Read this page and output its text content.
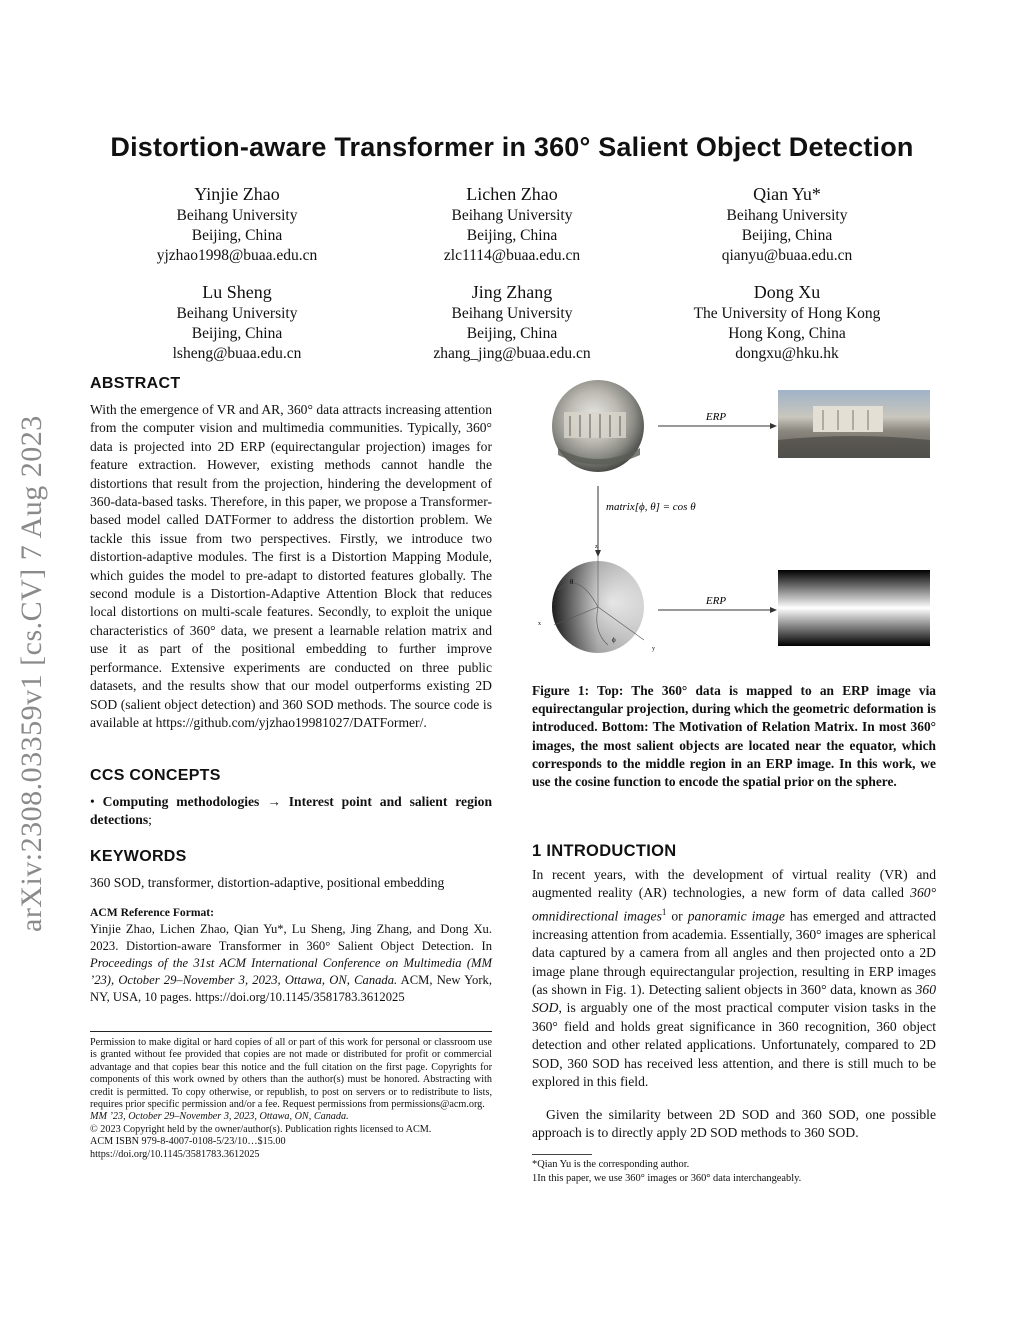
arXiv:2308.03359v1 [cs.CV] 7 Aug 2023
Distortion-aware Transformer in 360° Salient Object Detection
Yinjie Zhao
Beihang University
Beijing, China
yjzhao1998@buaa.edu.cn
Lichen Zhao
Beihang University
Beijing, China
zlc1114@buaa.edu.cn
Qian Yu*
Beihang University
Beijing, China
qianyu@buaa.edu.cn
Lu Sheng
Beihang University
Beijing, China
lsheng@buaa.edu.cn
Jing Zhang
Beihang University
Beijing, China
zhang_jing@buaa.edu.cn
Dong Xu
The University of Hong Kong
Hong Kong, China
dongxu@hku.hk
ABSTRACT
With the emergence of VR and AR, 360° data attracts increasing attention from the computer vision and multimedia communities. Typically, 360° data is projected into 2D ERP (equirectangular projection) images for feature extraction. However, existing methods cannot handle the distortions that result from the projection, hindering the development of 360-data-based tasks. Therefore, in this paper, we propose a Transformer-based model called DATFormer to address the distortion problem. We tackle this issue from two perspectives. Firstly, we introduce two distortion-adaptive modules. The first is a Distortion Mapping Module, which guides the model to pre-adapt to distorted features globally. The second module is a Distortion-Adaptive Attention Block that reduces local distortions on multi-scale features. Secondly, to exploit the unique characteristics of 360° data, we present a learnable relation matrix and use it as part of the positional embedding to further improve performance. Extensive experiments are conducted on three public datasets, and the results show that our model outperforms existing 2D SOD (salient object detection) and 360 SOD methods. The source code is available at https://github.com/yjzhao19981027/DATFormer/.
CCS CONCEPTS
• Computing methodologies → Interest point and salient region detections;
KEYWORDS
360 SOD, transformer, distortion-adaptive, positional embedding
ACM Reference Format:
Yinjie Zhao, Lichen Zhao, Qian Yu*, Lu Sheng, Jing Zhang, and Dong Xu. 2023. Distortion-aware Transformer in 360° Salient Object Detection. In Proceedings of the 31st ACM International Conference on Multimedia (MM ’23), October 29–November 3, 2023, Ottawa, ON, Canada. ACM, New York, NY, USA, 10 pages. https://doi.org/10.1145/3581783.3612025
Permission to make digital or hard copies of all or part of this work for personal or classroom use is granted without fee provided that copies are not made or distributed for profit or commercial advantage and that copies bear this notice and the full citation on the first page. Copyrights for components of this work owned by others than the author(s) must be honored. Abstracting with credit is permitted. To copy otherwise, or republish, to post on servers or to redistribute to lists, requires prior specific permission and/or a fee. Request permissions from permissions@acm.org.
MM ’23, October 29–November 3, 2023, Ottawa, ON, Canada.
© 2023 Copyright held by the owner/author(s). Publication rights licensed to ACM.
ACM ISBN 979-8-4007-0108-5/23/10…$15.00
https://doi.org/10.1145/3581783.3612025
ERP
matrix[ϕ, θ] = cos θ
z
x
y
ϕ
θ
ERP
Figure 1: Top: The 360° data is mapped to an ERP image via equirectangular projection, during which the geometric deformation is introduced. Bottom: The Motivation of Relation Matrix. In most 360° images, the most salient objects are located near the equator, which corresponds to the middle region in an ERP image. In this work, we use the cosine function to encode the spatial prior on the sphere.
1 INTRODUCTION
In recent years, with the development of virtual reality (VR) and augmented reality (AR) technologies, a new form of data called 360° omnidirectional images$^1$ or panoramic image has emerged and attracted increasing attention from academia. Essentially, 360° images are spherical data captured by a camera from all angles and then projected onto a 2D image plane through equirectangular projection, resulting in ERP images (as shown in Fig. 1). Detecting salient objects in 360° data, known as 360 SOD, is arguably one of the most practical computer vision tasks in the 360° field and holds great significance in 360 recognition, 360 object detection and other related applications. Unfortunately, compared to 2D SOD, 360 SOD has received less attention, and there is still much to be explored in this field.
Given the similarity between 2D SOD and 360 SOD, one possible approach is to directly apply 2D SOD methods to 360 SOD.
*Qian Yu is the corresponding author.
1In this paper, we use 360° images or 360° data interchangeably.
